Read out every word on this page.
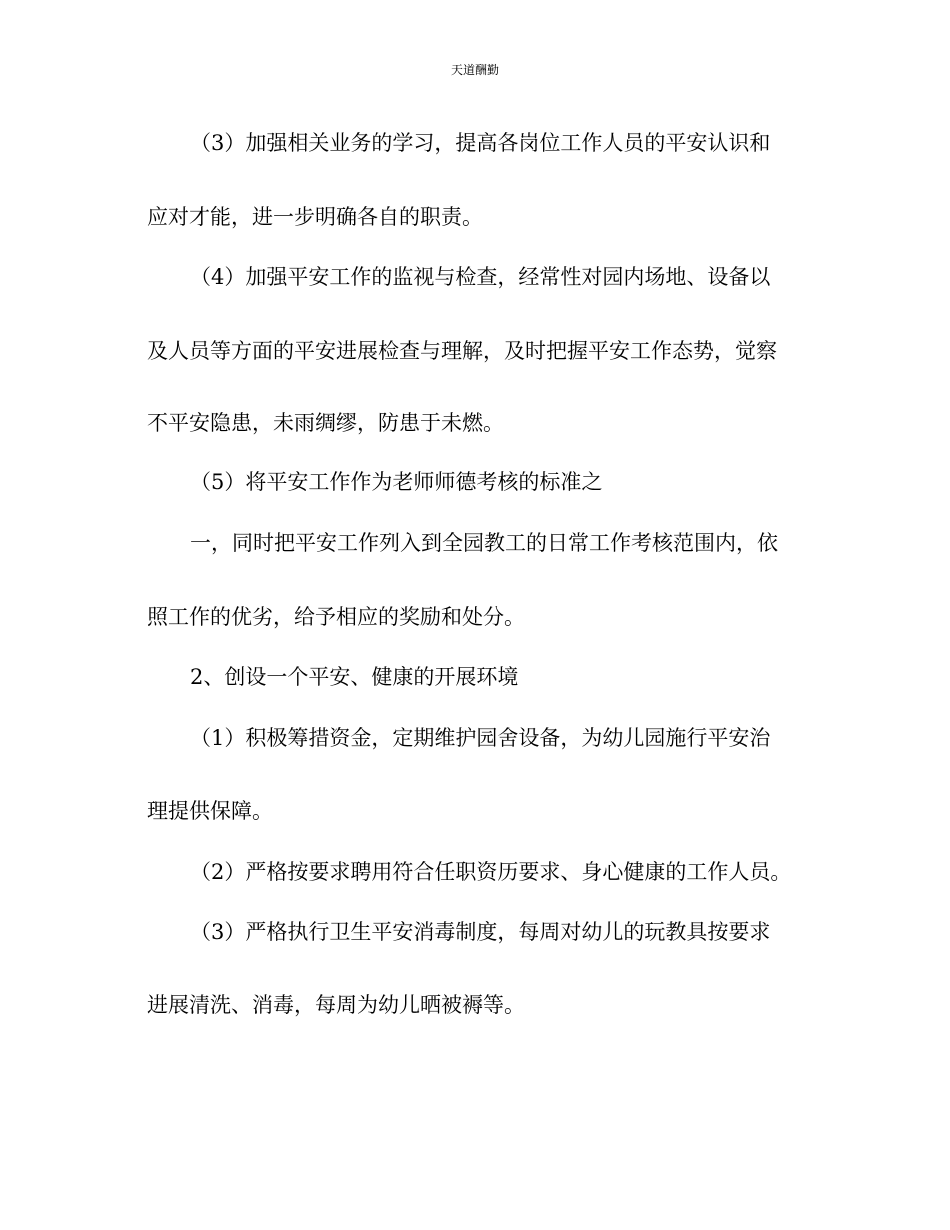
天道酬勤
（3）加强相关业务的学习，提高各岗位工作人员的平安认识和
应对才能，进一步明确各自的职责。
（4）加强平安工作的监视与检查，经常性对园内场地、设备以
及人员等方面的平安进展检查与理解，及时把握平安工作态势，觉察
不平安隐患，未雨绸缪，防患于未燃。
（5）将平安工作作为老师师德考核的标准之
一，同时把平安工作列入到全园教工的日常工作考核范围内，依
照工作的优劣，给予相应的奖励和处分。
2、创设一个平安、健康的开展环境
（1）积极筹措资金，定期维护园舍设备，为幼儿园施行平安治
理提供保障。
（2）严格按要求聘用符合任职资历要求、身心健康的工作人员。
（3）严格执行卫生平安消毒制度，每周对幼儿的玩教具按要求
进展清洗、消毒，每周为幼儿晒被褥等。
